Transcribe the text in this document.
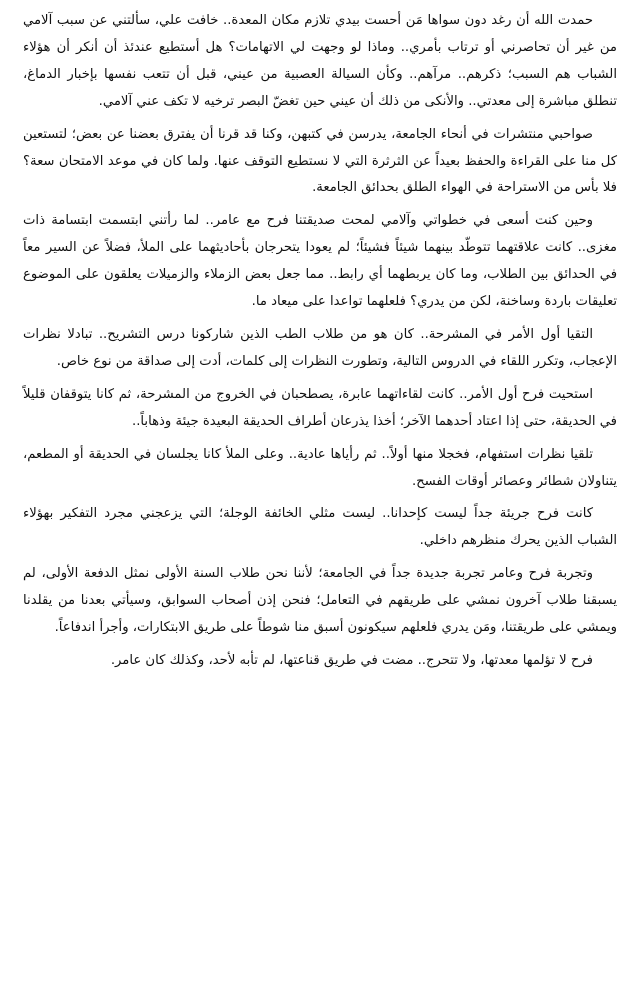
حمدت الله أن رغد دون سواها مَن أحست بيدي تلازم مكان المعدة.. خافت علي، سألتني عن سبب آلامي من غير أن تحاصرني أو ترتاب بأمري.. وماذا لو وجهت لي الاتهامات؟ هل أستطيع عندئذ أن أنكر أن هؤلاء الشباب هم السبب؛ ذكرهم.. مرآهم.. وكأن السيالة العصبية من عيني، قبل أن تتعب نفسها بإخبار الدماغ، تنطلق مباشرة إلى معدتي.. والأنكى من ذلك أن عيني حين تغضّ البصر ترخيه لا تكف عني آلامي.

صواحبي منتشرات في أنحاء الجامعة، يدرسن في كتبهن، وكنا قد قرنا أن يفترق بعضنا عن بعض؛ لتستعين كل منا على القراءة والحفظ بعيداً عن الثرثرة التي لا نستطيع التوقف عنها. ولما كان في موعد الامتحان سعة؟ فلا بأس من الاستراحة في الهواء الطلق بحدائق الجامعة.

وحين كنت أسعى في خطواتي وآلامي لمحت صديقتنا فرح مع عامر.. لما رأتني ابتسمت ابتسامة ذات مغزى.. كانت علاقتهما تتوطّد بينهما شيئاً فشيئاً؛ لم يعودا يتحرجان بأحاديثهما على الملأ، فضلاً عن السير معاً في الحدائق بين الطلاب، وما كان يربطهما أي رابط.. مما جعل بعض الزملاء والزميلات يعلقون على الموضوع تعليقات باردة وساخنة، لكن من يدري؟ فلعلهما تواعدا على ميعاد ما.

التقيا أول الأمر في المشرحة.. كان هو من طلاب الطب الذين شاركونا درس التشريح.. تبادلا نظرات الإعجاب، وتكرر اللقاء في الدروس التالية، وتطورت النظرات إلى كلمات، أدت إلى صداقة من نوع خاص.

استحيت فرح أول الأمر.. كانت لقاءاتهما عابرة، يصطحبان في الخروج من المشرحة، ثم كانا يتوقفان قليلاً في الحديقة، حتى إذا اعتاد أحدهما الآخر؛ أخذا يذرعان أطراف الحديقة البعيدة جيئة وذهاباً..

تلقيا نظرات استفهام، فخجلا منها أولاً.. ثم رأياها عادية.. وعلى الملأ كانا يجلسان في الحديقة أو المطعم، يتناولان شطائر وعصائر أوقات الفسح.

كانت فرح جريئة جداً ليست كإحدانا.. ليست مثلي الخائفة الوجلة؛ التي يزعجني مجرد التفكير بهؤلاء الشباب الذين يحرك منظرهم داخلي.

وتجربة فرح وعامر تجربة جديدة جداً في الجامعة؛ لأننا نحن طلاب السنة الأولى نمثل الدفعة الأولى، لم يسبقنا طلاب آخرون نمشي على طريقهم في التعامل؛ فنحن إذن أصحاب السوابق، وسيأتي بعدنا من يقلدنا ويمشي على طريقتنا، ومَن يدري فلعلهم سيكونون أسبق منا شوطاً على طريق الابتكارات، وأجرأ اندفاعاً.

فرح لا تؤلمها معدتها، ولا تتحرج.. مضت في طريق قناعتها، لم تأبه لأحد، وكذلك كان عامر.
